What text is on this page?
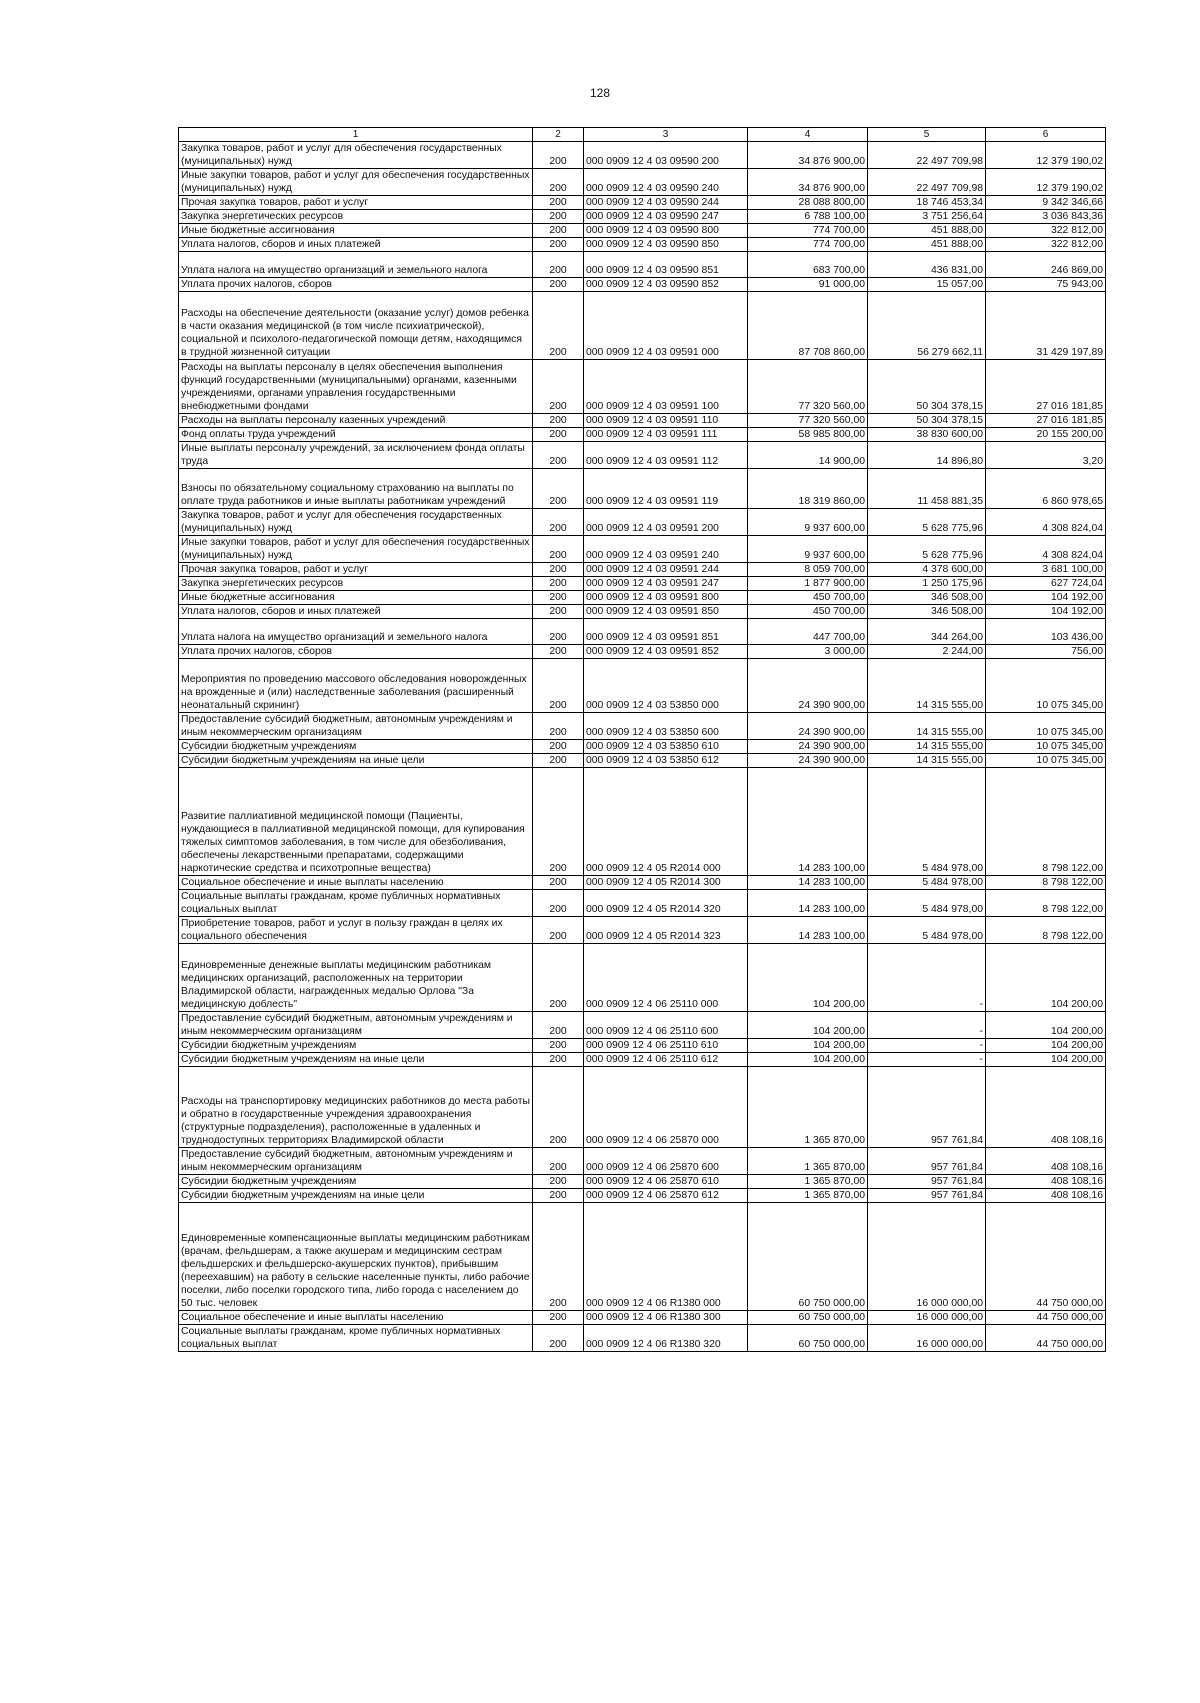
128
1	2	3	4	5	6
Закупка товаров, работ и услуг для обеспечения государственных (муниципальных) нужд	200	000 0909 12 4 03 09590 200	34 876 900,00	22 497 709,98	12 379 190,02
Иные закупки товаров, работ и услуг для обеспечения государственных (муниципальных) нужд	200	000 0909 12 4 03 09590 240	34 876 900,00	22 497 709,98	12 379 190,02
Прочая закупка товаров, работ и услуг	200	000 0909 12 4 03 09590 244	28 088 800,00	18 746 453,34	9 342 346,66
Закупка энергетических ресурсов	200	000 0909 12 4 03 09590 247	6 788 100,00	3 751 256,64	3 036 843,36
Иные бюджетные ассигнования	200	000 0909 12 4 03 09590 800	774 700,00	451 888,00	322 812,00
Уплата налогов, сборов и иных платежей	200	000 0909 12 4 03 09590 850	774 700,00	451 888,00	322 812,00
Уплата налога на имущество организаций и земельного налога	200	000 0909 12 4 03 09590 851	683 700,00	436 831,00	246 869,00
Уплата прочих налогов, сборов	200	000 0909 12 4 03 09590 852	91 000,00	15 057,00	75 943,00
Расходы на обеспечение деятельности (оказание услуг) домов ребенка в части оказания медицинской (в том числе психиатрической), социальной и психолого-педагогической помощи детям, находящимся в трудной жизненной ситуации	200	000 0909 12 4 03 09591 000	87 708 860,00	56 279 662,11	31 429 197,89
Расходы на выплаты персоналу в целях обеспечения выполнения функций государственными (муниципальными) органами, казенными учреждениями, органами управления государственными внебюджетными фондами	200	000 0909 12 4 03 09591 100	77 320 560,00	50 304 378,15	27 016 181,85
Расходы на выплаты персоналу казенных учреждений	200	000 0909 12 4 03 09591 110	77 320 560,00	50 304 378,15	27 016 181,85
Фонд оплаты труда учреждений	200	000 0909 12 4 03 09591 111	58 985 800,00	38 830 600,00	20 155 200,00
Иные выплаты персоналу учреждений, за исключением фонда оплаты труда	200	000 0909 12 4 03 09591 112	14 900,00	14 896,80	3,20
Взносы по обязательному социальному страхованию на выплаты по оплате труда работников и иные выплаты работникам учреждений	200	000 0909 12 4 03 09591 119	18 319 860,00	11 458 881,35	6 860 978,65
Закупка товаров, работ и услуг для обеспечения государственных (муниципальных) нужд	200	000 0909 12 4 03 09591 200	9 937 600,00	5 628 775,96	4 308 824,04
Иные закупки товаров, работ и услуг для обеспечения государственных (муниципальных) нужд	200	000 0909 12 4 03 09591 240	9 937 600,00	5 628 775,96	4 308 824,04
Прочая закупка товаров, работ и услуг	200	000 0909 12 4 03 09591 244	8 059 700,00	4 378 600,00	3 681 100,00
Закупка энергетических ресурсов	200	000 0909 12 4 03 09591 247	1 877 900,00	1 250 175,96	627 724,04
Иные бюджетные ассигнования	200	000 0909 12 4 03 09591 800	450 700,00	346 508,00	104 192,00
Уплата налогов, сборов и иных платежей	200	000 0909 12 4 03 09591 850	450 700,00	346 508,00	104 192,00
Уплата налога на имущество организаций и земельного налога	200	000 0909 12 4 03 09591 851	447 700,00	344 264,00	103 436,00
Уплата прочих налогов, сборов	200	000 0909 12 4 03 09591 852	3 000,00	2 244,00	756,00
Мероприятия по проведению массового обследования новорожденных на врожденные и (или) наследственные заболевания (расширенный неонатальный скрининг)	200	000 0909 12 4 03 53850 000	24 390 900,00	14 315 555,00	10 075 345,00
Предоставление субсидий бюджетным, автономным учреждениям и иным некоммерческим организациям	200	000 0909 12 4 03 53850 600	24 390 900,00	14 315 555,00	10 075 345,00
Субсидии бюджетным учреждениям	200	000 0909 12 4 03 53850 610	24 390 900,00	14 315 555,00	10 075 345,00
Субсидии бюджетным учреждениям на иные цели	200	000 0909 12 4 03 53850 612	24 390 900,00	14 315 555,00	10 075 345,00
Развитие паллиативной медицинской помощи (Пациенты, нуждающиеся в паллиативной медицинской помощи, для купирования тяжелых симптомов заболевания, в том числе для обезболивания, обеспечены лекарственными препаратами, содержащими наркотические средства и психотропные вещества)	200	000 0909 12 4 05 R2014 000	14 283 100,00	5 484 978,00	8 798 122,00
Социальное обеспечение и иные выплаты населению	200	000 0909 12 4 05 R2014 300	14 283 100,00	5 484 978,00	8 798 122,00
Социальные выплаты гражданам, кроме публичных нормативных социальных выплат	200	000 0909 12 4 05 R2014 320	14 283 100,00	5 484 978,00	8 798 122,00
Приобретение товаров, работ и услуг в пользу граждан в целях их социального обеспечения	200	000 0909 12 4 05 R2014 323	14 283 100,00	5 484 978,00	8 798 122,00
Единовременные денежные выплаты медицинским работникам медицинских организаций, расположенных на территории Владимирской области, награжденных медалью Орлова "За медицинскую доблесть"	200	000 0909 12 4 06 25110 000	104 200,00	-	104 200,00
Предоставление субсидий бюджетным, автономным учреждениям и иным некоммерческим организациям	200	000 0909 12 4 06 25110 600	104 200,00	-	104 200,00
Субсидии бюджетным учреждениям	200	000 0909 12 4 06 25110 610	104 200,00	-	104 200,00
Субсидии бюджетным учреждениям на иные цели	200	000 0909 12 4 06 25110 612	104 200,00	-	104 200,00
Расходы на транспортировку медицинских работников до места работы и обратно в государственные учреждения здравоохранения (структурные подразделения), расположенные в удаленных и труднодоступных территориях Владимирской области	200	000 0909 12 4 06 25870 000	1 365 870,00	957 761,84	408 108,16
Предоставление субсидий бюджетным, автономным учреждениям и иным некоммерческим организациям	200	000 0909 12 4 06 25870 600	1 365 870,00	957 761,84	408 108,16
Субсидии бюджетным учреждениям	200	000 0909 12 4 06 25870 610	1 365 870,00	957 761,84	408 108,16
Субсидии бюджетным учреждениям на иные цели	200	000 0909 12 4 06 25870 612	1 365 870,00	957 761,84	408 108,16
Единовременные компенсационные выплаты медицинским работникам (врачам, фельдшерам, а также акушерам и медицинским сестрам фельдшерских и фельдшерско-акушерских пунктов), прибывшим (переехавшим) на работу в сельские населенные пункты, либо рабочие поселки, либо поселки городского типа, либо города с населением до 50 тыс. человек	200	000 0909 12 4 06 R1380 000	60 750 000,00	16 000 000,00	44 750 000,00
Социальное обеспечение и иные выплаты населению	200	000 0909 12 4 06 R1380 300	60 750 000,00	16 000 000,00	44 750 000,00
Социальные выплаты гражданам, кроме публичных нормативных социальных выплат	200	000 0909 12 4 06 R1380 320	60 750 000,00	16 000 000,00	44 750 000,00
